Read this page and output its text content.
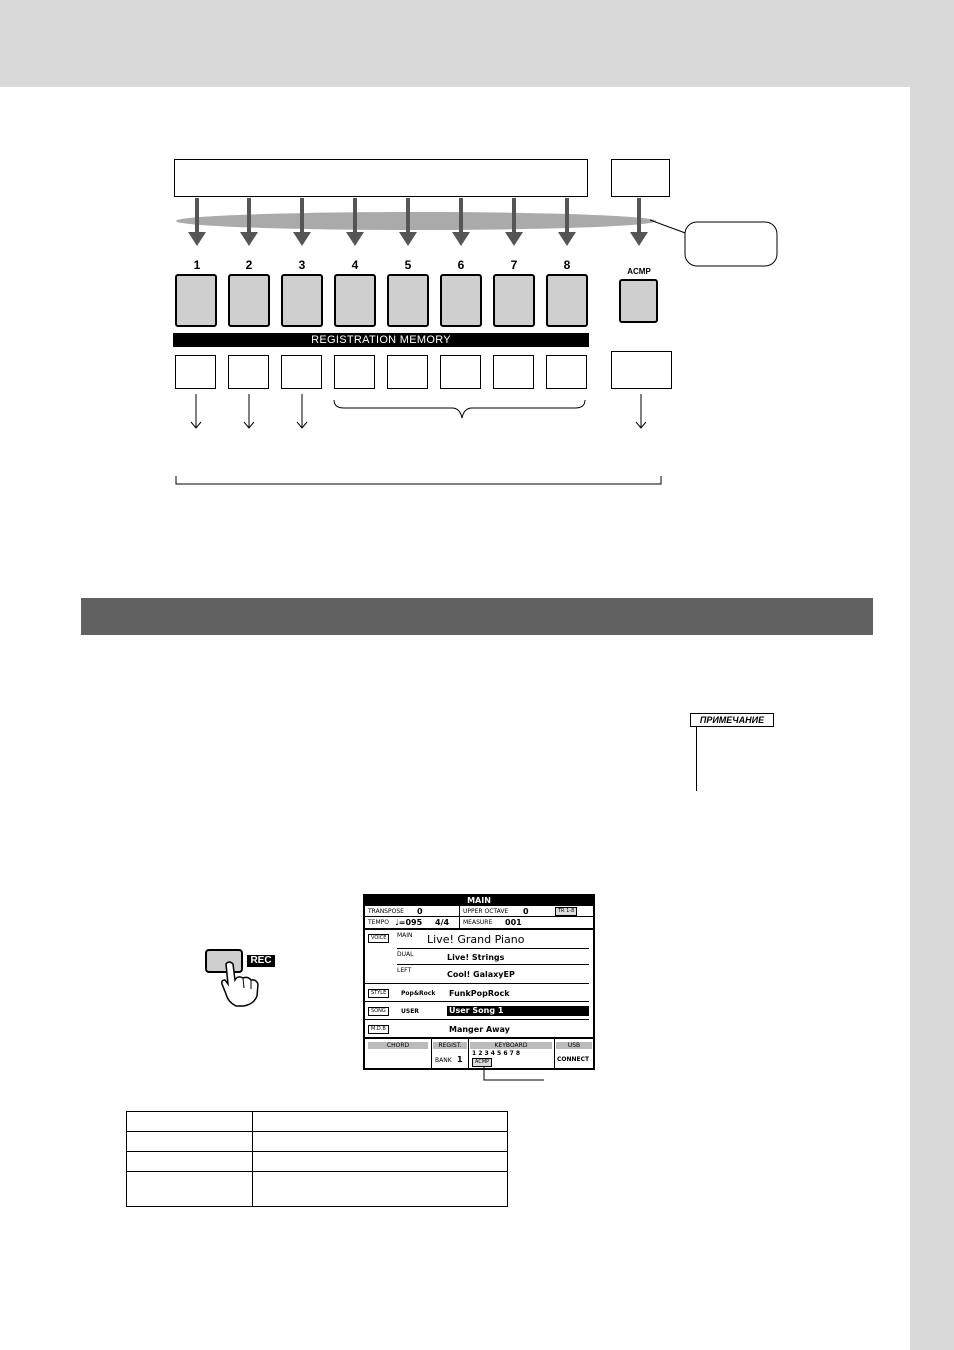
1	2	3	4	5	6	7	8	ACMP
REGISTRATION MEMORY
ПРИМЕЧАНИЕ
REC
MAIN
TRANSPOSE 0	UPPER OCTAVE 0	TR 1-8
TEMPO ♩=095 4/4 MEASURE 001
VOICE	MAIN Live! Grand Piano
DUAL	Live! Strings
LEFT	Cool! GalaxyEP
STYLE	Pop&Rock FunkPopRock
SONG	USER	User Song 1
M.D.B	Manger Away
CHORD	REGIST.
BANK 1
KEYBOARD
1 2 3 4 5 6 7 8
ACMP
USB
CONNECT
